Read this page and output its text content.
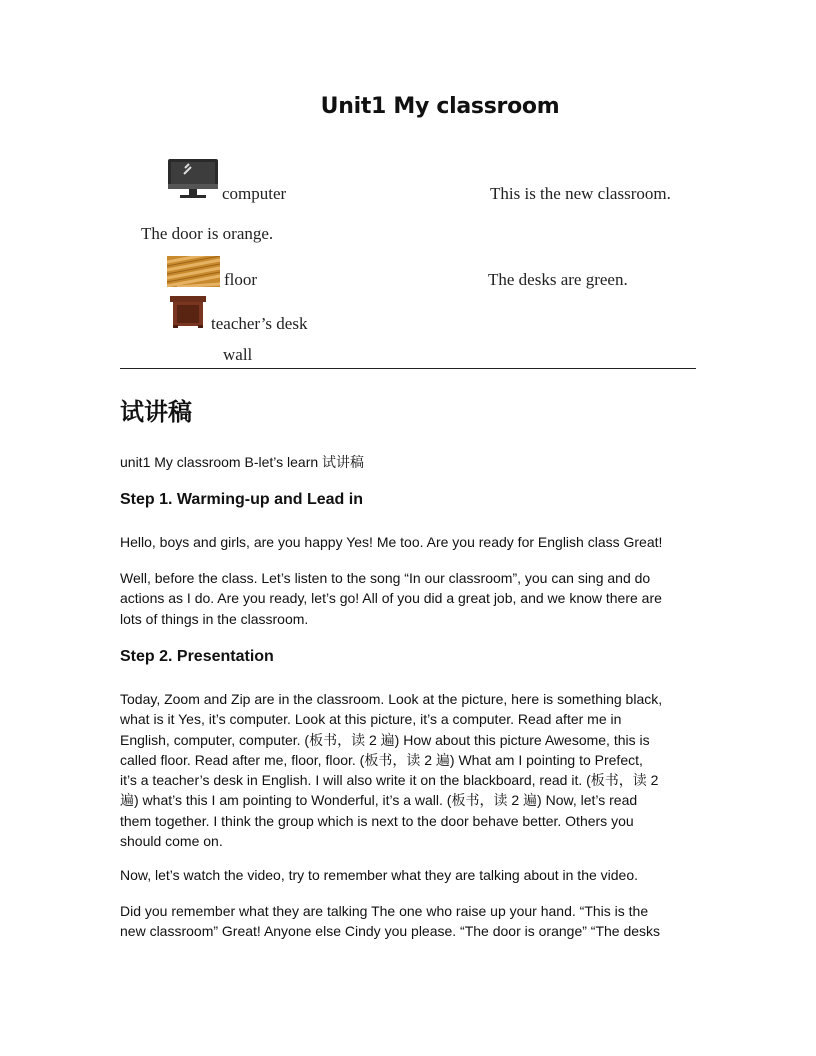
Unit1 My classroom
computer	This is the new classroom.
The door is orange.
floor	The desks are green.
teacher’s desk
wall
试讲稿
unit1 My classroom B-let’s learn 试讲稿
Step 1. Warming-up and Lead in
Hello, boys and girls, are you happy Yes! Me too. Are you ready for English class Great!
Well, before the class. Let’s listen to the song “In our classroom”, you can sing and do
actions as I do. Are you ready, let’s go! All of you did a great job, and we know there are
lots of things in the classroom.
Step 2. Presentation
Today, Zoom and Zip are in the classroom. Look at the picture, here is something black,
what is it Yes, it’s computer. Look at this picture, it’s a computer. Read after me in
English, computer, computer. (板书，读 2 遍) How about this picture Awesome, this is
called floor. Read after me, floor, floor. (板书，读 2 遍) What am I pointing to Prefect,
it’s a teacher’s desk in English. I will also write it on the blackboard, read it. (板书，读 2
遍) what’s this I am pointing to Wonderful, it’s a wall. (板书，读 2 遍) Now, let’s read
them together. I think the group which is next to the door behave better. Others you
should come on.
Now, let’s watch the video, try to remember what they are talking about in the video.
Did you remember what they are talking The one who raise up your hand. “This is the
new classroom” Great! Anyone else Cindy you please. “The door is orange” “The desks
